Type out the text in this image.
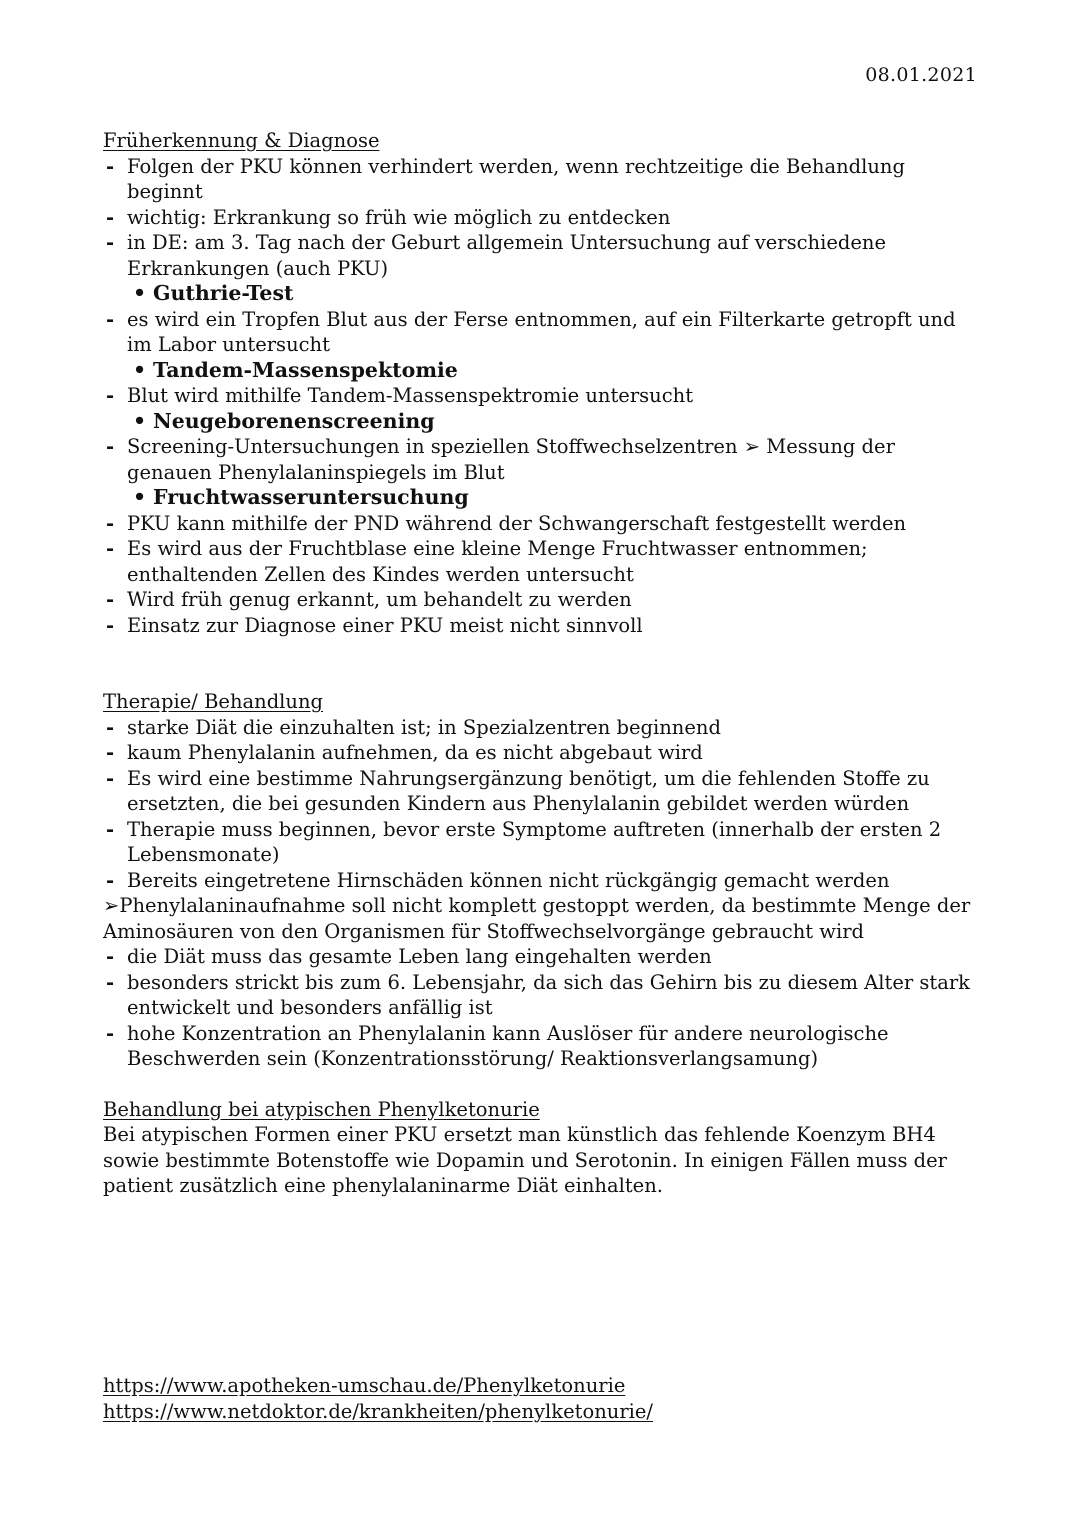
08.01.2021
Früherkennung & Diagnose
- Folgen der PKU können verhindert werden, wenn rechtzeitige die Behandlung beginnt
- wichtig: Erkrankung so früh wie möglich zu entdecken
- in DE: am 3. Tag nach der Geburt allgemein Untersuchung auf verschiedene Erkrankungen (auch PKU)
• Guthrie-Test
- es wird ein Tropfen Blut aus der Ferse entnommen, auf ein Filterkarte getropft und im Labor untersucht
• Tandem-Massenspektomie
- Blut wird mithilfe Tandem-Massenspektromie untersucht
• Neugeborenenscreening
- Screening-Untersuchungen in speziellen Stoffwechselzentren ➢ Messung der genauen Phenylalaninspiegels im Blut
• Fruchtwasseruntersuchung
- PKU kann mithilfe der PND während der Schwangerschaft festgestellt werden
- Es wird aus der Fruchtblase eine kleine Menge Fruchtwasser entnommen; enthaltenden Zellen des Kindes werden untersucht
- Wird früh genug erkannt, um behandelt zu werden
- Einsatz zur Diagnose einer PKU meist nicht sinnvoll
Therapie/ Behandlung
- starke Diät die einzuhalten ist; in Spezialzentren beginnend
- kaum Phenylalanin aufnehmen, da es nicht abgebaut wird
- Es wird eine bestimme Nahrungsergänzung benötigt, um die fehlenden Stoffe zu ersetzten, die bei gesunden Kindern aus Phenylalanin gebildet werden würden
- Therapie muss beginnen, bevor erste Symptome auftreten (innerhalb der ersten 2 Lebensmonate)
- Bereits eingetretene Hirnschäden können nicht rückgängig gemacht werden

➢Phenylalaninaufnahme soll nicht komplett gestoppt werden, da bestimmte Menge der Aminosäuren von den Organismen für Stoffwechselvorgänge gebraucht wird

- die Diät muss das gesamte Leben lang eingehalten werden
- besonders strickt bis zum 6. Lebensjahr, da sich das Gehirn bis zu diesem Alter stark entwickelt und besonders anfällig ist
- hohe Konzentration an Phenylalanin kann Auslöser für andere neurologische Beschwerden sein (Konzentrationsstörung/ Reaktionsverlangsamung)
Behandlung bei atypischen Phenylketonurie

Bei atypischen Formen einer PKU ersetzt man künstlich das fehlende Koenzym BH4 sowie bestimmte Botenstoffe wie Dopamin und Serotonin. In einigen Fällen muss der patient zusätzlich eine phenylalaninarme Diät einhalten.

https://www.apotheken-umschau.de/Phenylketonurie
https://www.netdoktor.de/krankheiten/phenylketonurie/
